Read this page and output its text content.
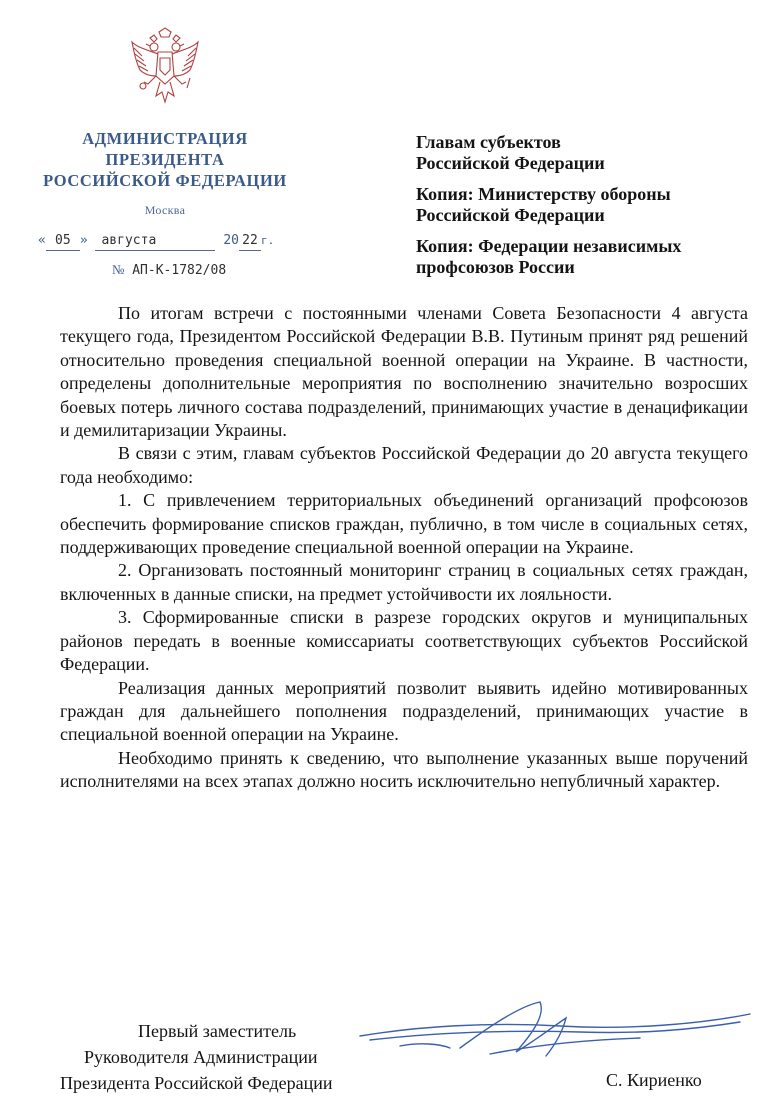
АДМИНИСТРАЦИЯ
ПРЕЗИДЕНТА
РОССИЙСКОЙ ФЕДЕРАЦИИ
Москва
« 05 » августа	20 22 г.
№ АП-К-1782/08
Главам субъектов
Российской Федерации
Копия: Министерству обороны
Российской Федерации
Копия: Федерации независимых
профсоюзов России

По итогам встречи с постоянными членами Совета Безопасности 4 августа текущего года, Президентом Российской Федерации В.В. Путиным принят ряд решений относительно проведения специальной военной операции на Украине. В частности, определены дополнительные мероприятия по восполнению значительно возросших боевых потерь личного состава подразделений, принимающих участие в денацификации и демилитаризации Украины.

В связи с этим, главам субъектов Российской Федерации до 20 августа текущего года необходимо:

1. С привлечением территориальных объединений организаций профсоюзов обеспечить формирование списков граждан, публично, в том числе в социальных сетях, поддерживающих проведение специальной военной операции на Украине.

2. Организовать постоянный мониторинг страниц в социальных сетях граждан, включенных в данные списки, на предмет устойчивости их лояльности.

3. Сформированные списки в разрезе городских округов и муниципальных районов передать в военные комиссариаты соответствующих субъектов Российской Федерации.

Реализация данных мероприятий позволит выявить идейно мотивированных граждан для дальнейшего пополнения подразделений, принимающих участие в специальной военной операции на Украине.

Необходимо принять к сведению, что выполнение указанных выше поручений исполнителями на всех этапах должно носить исключительно непубличный характер.

Первый заместитель
Руководителя Администрации
Президента Российской Федерации	С. Кириенко
